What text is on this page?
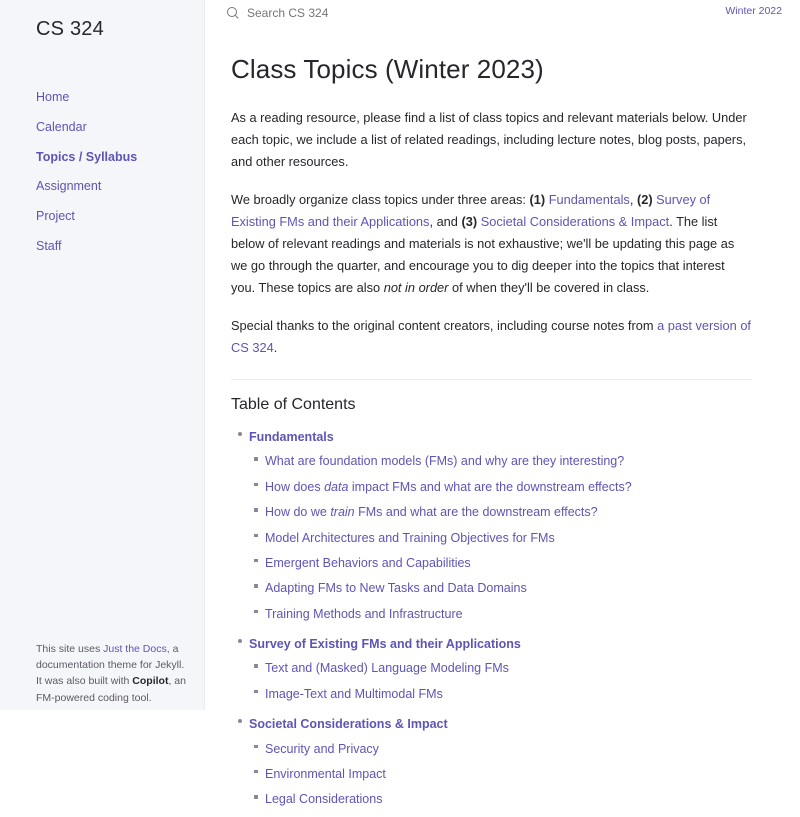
CS 324
Home
Calendar
Topics / Syllabus
Assignment
Project
Staff
This site uses Just the Docs, a documentation theme for Jekyll. It was also built with Copilot, an FM-powered coding tool.
Search CS 324
Winter 2022
Class Topics (Winter 2023)

As a reading resource, please find a list of class topics and relevant materials below. Under each topic, we include a list of related readings, including lecture notes, blog posts, papers, and other resources.

We broadly organize class topics under three areas: (1) Fundamentals, (2) Survey of Existing FMs and their Applications, and (3) Societal Considerations & Impact. The list below of relevant readings and materials is not exhaustive; we'll be updating this page as we go through the quarter, and encourage you to dig deeper into the topics that interest you. These topics are also not in order of when they'll be covered in class.

Special thanks to the original content creators, including course notes from a past version of CS 324.

Table of Contents
Fundamentals
What are foundation models (FMs) and why are they interesting?
How does data impact FMs and what are the downstream effects?
How do we train FMs and what are the downstream effects?
Model Architectures and Training Objectives for FMs
Emergent Behaviors and Capabilities
Adapting FMs to New Tasks and Data Domains
Training Methods and Infrastructure
Survey of Existing FMs and their Applications
Text and (Masked) Language Modeling FMs
Image-Text and Multimodal FMs
Societal Considerations & Impact
Security and Privacy
Environmental Impact
Legal Considerations
